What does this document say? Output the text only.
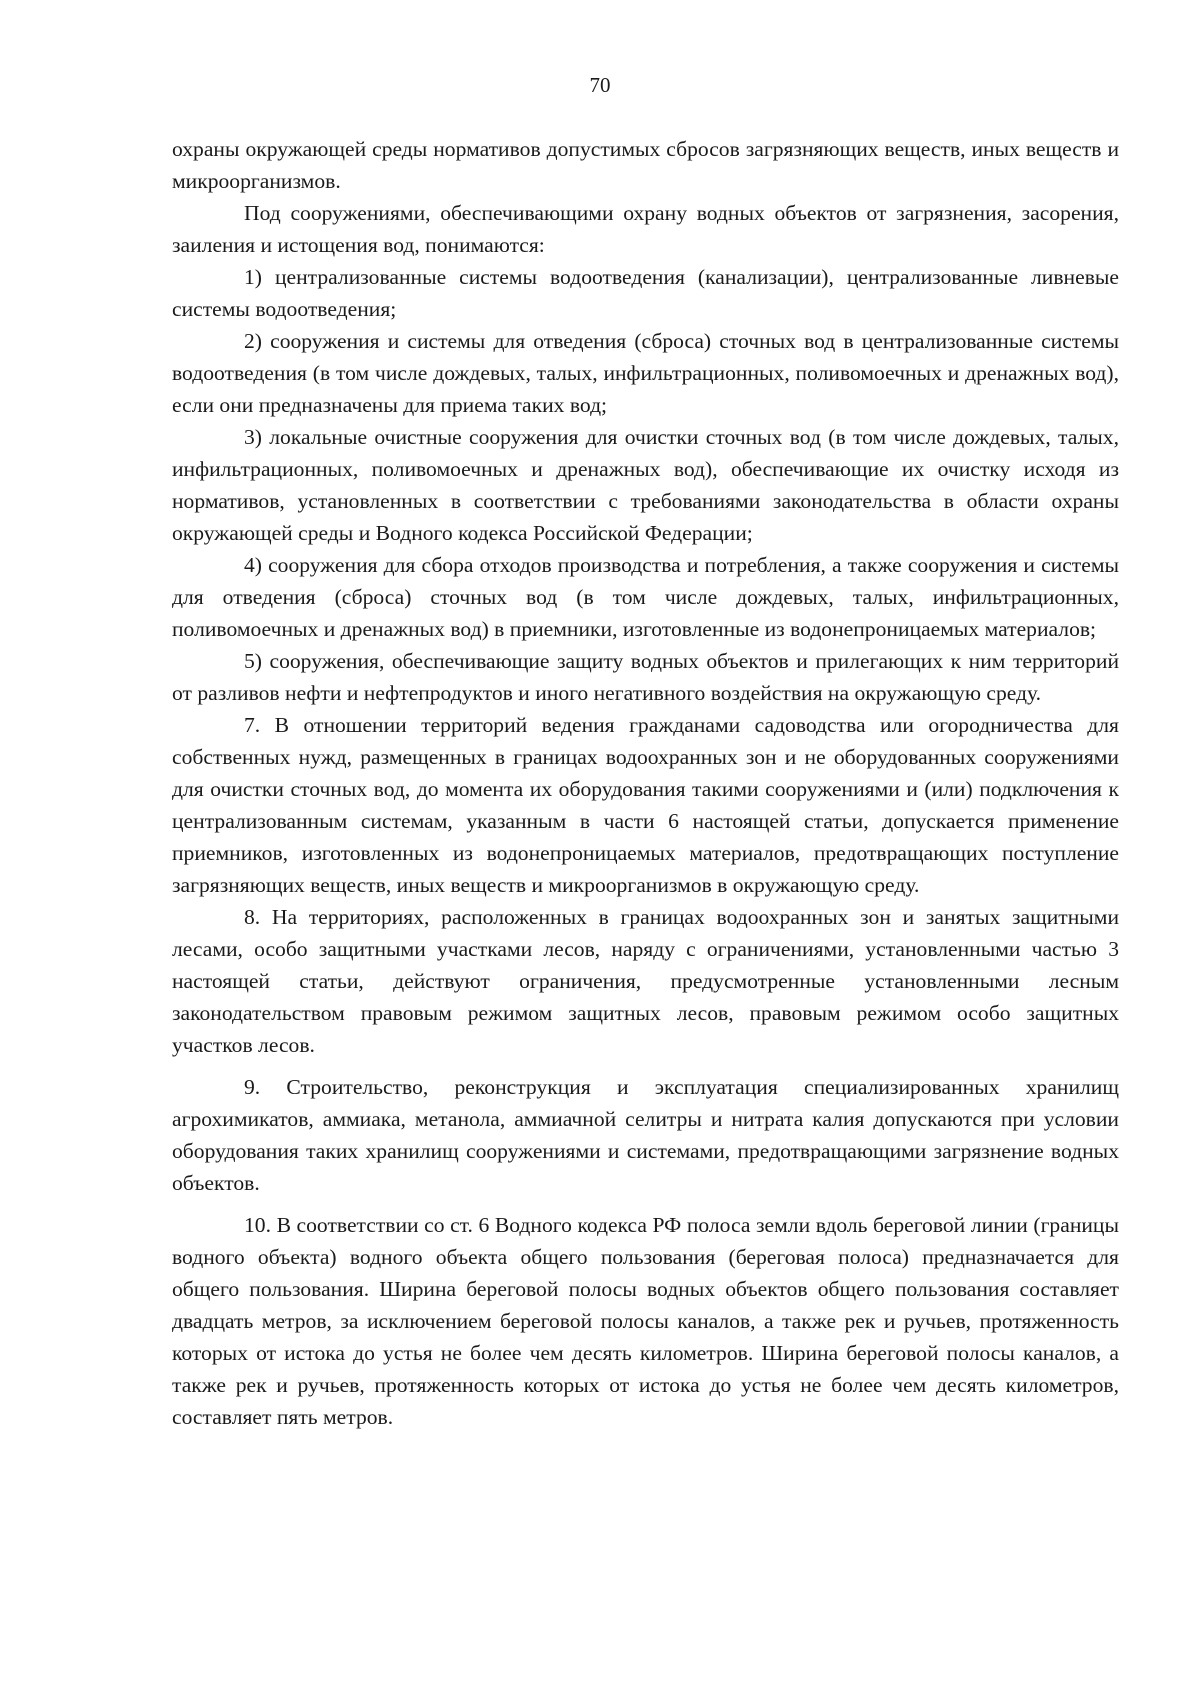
70

охраны окружающей среды нормативов допустимых сбросов загрязняющих веществ, иных веществ и микроорганизмов.

Под сооружениями, обеспечивающими охрану водных объектов от загрязнения, засорения, заиления и истощения вод, понимаются:

1) централизованные системы водоотведения (канализации), централизованные ливневые системы водоотведения;

2) сооружения и системы для отведения (сброса) сточных вод в централизованные системы водоотведения (в том числе дождевых, талых, инфильтрационных, поливомоечных и дренажных вод), если они предназначены для приема таких вод;

3) локальные очистные сооружения для очистки сточных вод (в том числе дождевых, талых, инфильтрационных, поливомоечных и дренажных вод), обеспечивающие их очистку исходя из нормативов, установленных в соответствии с требованиями законодательства в области охраны окружающей среды и Водного кодекса Российской Федерации;

4) сооружения для сбора отходов производства и потребления, а также сооружения и системы для отведения (сброса) сточных вод (в том числе дождевых, талых, инфильтрационных, поливомоечных и дренажных вод) в приемники, изготовленные из водонепроницаемых материалов;

5) сооружения, обеспечивающие защиту водных объектов и прилегающих к ним территорий от разливов нефти и нефтепродуктов и иного негативного воздействия на окружающую среду.

7. В отношении территорий ведения гражданами садоводства или огородничества для собственных нужд, размещенных в границах водоохранных зон и не оборудованных сооружениями для очистки сточных вод, до момента их оборудования такими сооружениями и (или) подключения к централизованным системам, указанным в части 6 настоящей статьи, допускается применение приемников, изготовленных из водонепроницаемых материалов, предотвращающих поступление загрязняющих веществ, иных веществ и микроорганизмов в окружающую среду.

8. На территориях, расположенных в границах водоохранных зон и занятых защитными лесами, особо защитными участками лесов, наряду с ограничениями, установленными частью 3 настоящей статьи, действуют ограничения, предусмотренные установленными лесным законодательством правовым режимом защитных лесов, правовым режимом особо защитных участков лесов.

9. Строительство, реконструкция и эксплуатация специализированных хранилищ агрохимикатов, аммиака, метанола, аммиачной селитры и нитрата калия допускаются при условии оборудования таких хранилищ сооружениями и системами, предотвращающими загрязнение водных объектов.

10. В соответствии со ст. 6 Водного кодекса РФ полоса земли вдоль береговой линии (границы водного объекта) водного объекта общего пользования (береговая полоса) предназначается для общего пользования. Ширина береговой полосы водных объектов общего пользования составляет двадцать метров, за исключением береговой полосы каналов, а также рек и ручьев, протяженность которых от истока до устья не более чем десять километров. Ширина береговой полосы каналов, а также рек и ручьев, протяженность которых от истока до устья не более чем десять километров, составляет пять метров.
